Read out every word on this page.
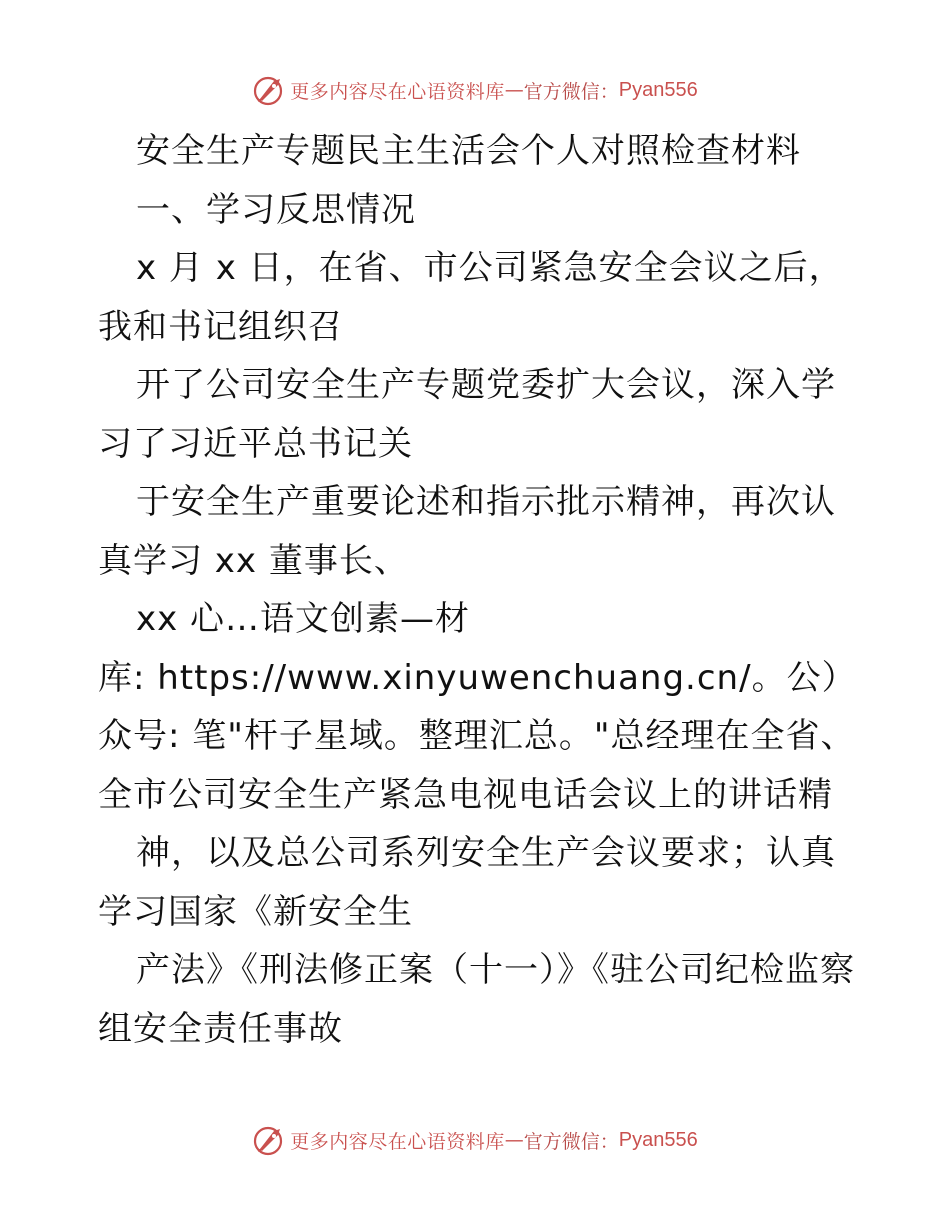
更多内容尽在心语资料库 — 官方微信： Pyan556

安全生产专题民主生活会个人对照检查材料

一、学习反思情况

x 月 x 日，在省、市公司紧急安全会议之后，我和书记组织召

开了公司安全生产专题党委扩大会议，深入学习了习近平总书记关

于安全生产重要论述和指示批示精神，再次认真学习 xx 董事长、

xx 心…语文创素—材

库: https://www.xinyuwenchuang.cn/。公）众号: 笔"杆子星域。整理汇总。"总经理在全省、全市公司安全生产紧急电视电话会议上的讲话精

神，以及总公司系列安全生产会议要求；认真学习国家《新安全生

产法》《刑法修正案（十一）》《驻公司纪检监察组安全责任事故

更多内容尽在心语资料库 — 官方微信： Pyan556
